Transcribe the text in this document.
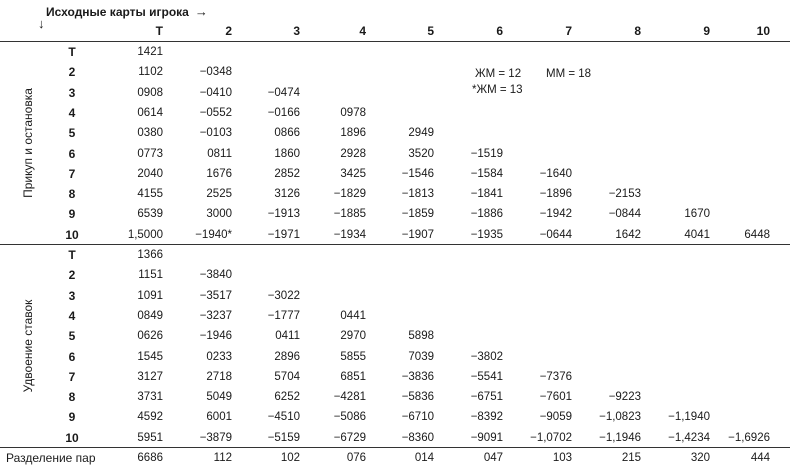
Исходные карты игрока →
↓	T	2	3	4	5	6	7	8	9	10
Прикуп и остановка
T	1421
2	1102	−0348
3	0908	−0410	−0474
4	0614	−0552	−0166	0978
5	0380	−0103	0866	1896	2949
6	0773	0811	1860	2928	3520	−1519
7	2040	1676	2852	3425	−1546	−1584	−1640
8	4155	2525	3126	−1829	−1813	−1841	−1896	−2153
9	6539	3000	−1913	−1885	−1859	−1886	−1942	−0844	1670
10	1,5000	−1940*	−1971	−1934	−1907	−1935	−0644	1642	4041	6448
Удвоение ставок
T	1366
2	1151	−3840
3	1091	−3517	−3022
4	0849	−3237	−1777	0441
5	0626	−1946	0411	2970	5898
6	1545	0233	2896	5855	7039	−3802
7	3127	2718	5704	6851	−3836	−5541	−7376
8	3731	5049	6252	−4281	−5836	−6751	−7601	−9223
9	4592	6001	−4510	−5086	−6710	−8392	−9059	−1,0823	−1,1940
10	5951	−3879	−5159	−6729	−8360	−9091	−1,0702	−1,1946	−1,4234	−1,6926
ЖМ = 12 ММ = 18
*ЖМ = 13
Разделение пар	6686	112	102	076	014	047	103	215	320	444
